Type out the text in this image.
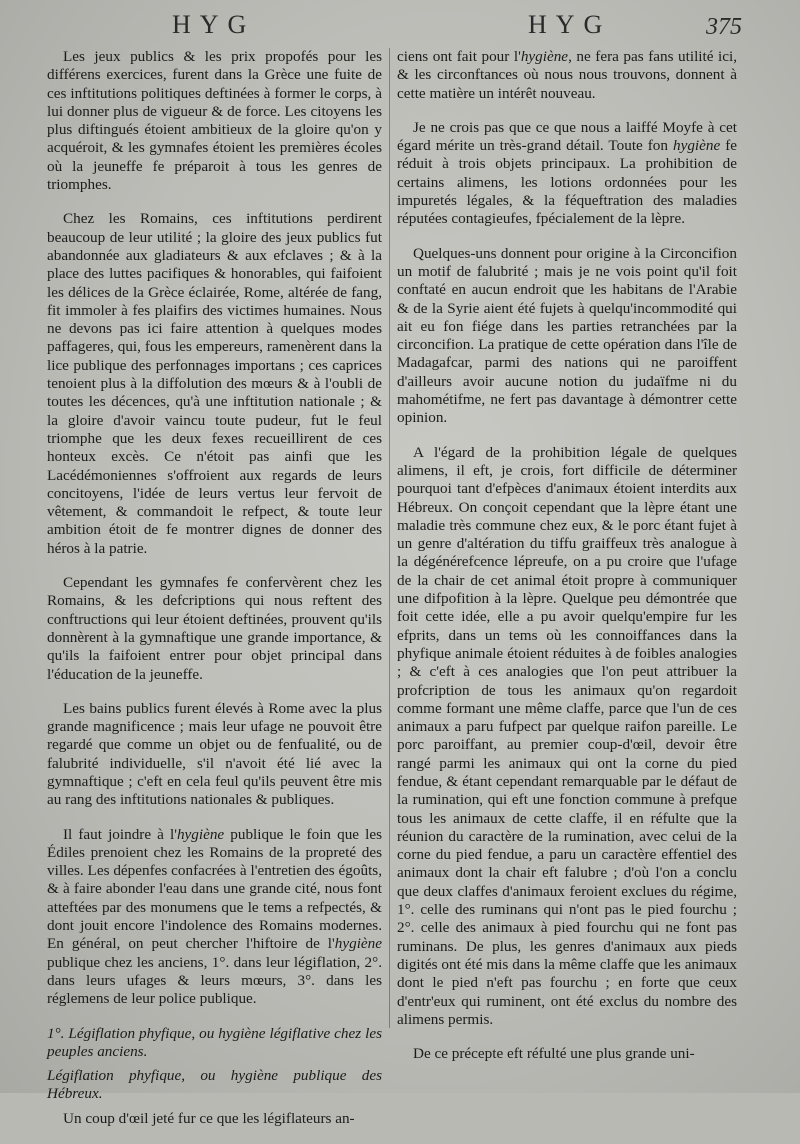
HYG	HYG	375

Les jeux publics & les prix propofés pour les différens exercices, furent dans la Grèce une fuite de ces inftitutions politiques deftinées à former le corps, à lui donner plus de vigueur & de force. Les citoyens les plus diftingués étoient ambitieux de la gloire qu'on y acquéroit, & les gymnafes étoient les premières écoles où la jeuneffe fe préparoit à tous les genres de triomphes.

Chez les Romains, ces inftitutions perdirent beaucoup de leur utilité ; la gloire des jeux publics fut abandonnée aux gladiateurs & aux efclaves ; & à la place des luttes pacifiques & honorables, qui faifoient les délices de la Grèce éclairée, Rome, altérée de fang, fit immoler à fes plaifirs des victimes humaines. Nous ne devons pas ici faire attention à quelques modes paffageres, qui, fous les empereurs, ramenèrent dans la lice publique des perfonnages importans ; ces caprices tenoient plus à la diffolution des mœurs & à l'oubli de toutes les décences, qu'à une inftitution nationale ; & la gloire d'avoir vaincu toute pudeur, fut le feul triomphe que les deux fexes recueillirent de ces honteux excès. Ce n'étoit pas ainfi que les Lacédémoniennes s'offroient aux regards de leurs concitoyens, l'idée de leurs vertus leur fervoit de vêtement, & commandoit le refpect, & toute leur ambition étoit de fe montrer dignes de donner des héros à la patrie.

Cependant les gymnafes fe confervèrent chez les Romains, & les defcriptions qui nous reftent des conftructions qui leur étoient deftinées, prouvent qu'ils donnèrent à la gymnaftique une grande importance, & qu'ils la faifoient entrer pour objet principal dans l'éducation de la jeuneffe.

Les bains publics furent élevés à Rome avec la plus grande magnificence ; mais leur ufage ne pouvoit être regardé que comme un objet ou de fenfualité, ou de falubrité individuelle, s'il n'avoit été lié avec la gymnaftique ; c'eft en cela feul qu'ils peuvent être mis au rang des inftitutions nationales & publiques.

Il faut joindre à l'hygiène publique le foin que les Édiles prenoient chez les Romains de la propreté des villes. Les dépenfes confacrées à l'entretien des égoûts, & à faire abonder l'eau dans une grande cité, nous font atteftées par des monumens que le tems a refpectés, & dont jouit encore l'indolence des Romains modernes. En général, on peut chercher l'hiftoire de l'hygiène publique chez les anciens, 1°. dans leur légiflation, 2°. dans leurs ufages & leurs mœurs, 3°. dans les réglemens de leur police publique.

1°. Légiflation phyfique, ou hygiène légiflative chez les peuples anciens.

Légiflation phyfique, ou hygiène publique des Hébreux.

Un coup d'œil jeté fur ce que les légiflateurs an-

ciens ont fait pour l'hygiène, ne fera pas fans utilité ici, & les circonftances où nous nous trouvons, donnent à cette matière un intérêt nouveau.

Je ne crois pas que ce que nous a laiffé Moyfe à cet égard mérite un très-grand détail. Toute fon hygiène fe réduit à trois objets principaux. La prohibition de certains alimens, les lotions ordonnées pour les impuretés légales, & la féqueftration des maladies réputées contagieufes, fpécialement de la lèpre.

Quelques-uns donnent pour origine à la Circoncifion un motif de falubrité ; mais je ne vois point qu'il foit conftaté en aucun endroit que les habitans de l'Arabie & de la Syrie aient été fujets à quelqu'incommodité qui ait eu fon fiége dans les parties retranchées par la circoncifion. La pratique de cette opération dans l'île de Madagafcar, parmi des nations qui ne paroiffent d'ailleurs avoir aucune notion du judaïfme ni du mahométifme, ne fert pas davantage à démontrer cette opinion.

A l'égard de la prohibition légale de quelques alimens, il eft, je crois, fort difficile de déterminer pourquoi tant d'efpèces d'animaux étoient interdits aux Hébreux. On conçoit cependant que la lèpre étant une maladie très commune chez eux, & le porc étant fujet à un genre d'altération du tiffu graiffeux très analogue à la dégénérefcence lépreufe, on a pu croire que l'ufage de la chair de cet animal étoit propre à communiquer une difpofition à la lèpre. Quelque peu démontrée que foit cette idée, elle a pu avoir quelqu'empire fur les efprits, dans un tems où les connoiffances dans la phyfique animale étoient réduites à de foibles analogies ; & c'eft à ces analogies que l'on peut attribuer la profcription de tous les animaux qu'on regardoit comme formant une même claffe, parce que l'un de ces animaux a paru fufpect par quelque raifon pareille. Le porc paroiffant, au premier coup-d'œil, devoir être rangé parmi les animaux qui ont la corne du pied fendue, & étant cependant remarquable par le défaut de la rumination, qui eft une fonction commune à prefque tous les animaux de cette claffe, il en réfulte que la réunion du caractère de la rumination, avec celui de la corne du pied fendue, a paru un caractère effentiel des animaux dont la chair eft falubre ; d'où l'on a conclu que deux claffes d'animaux feroient exclues du régime, 1°. celle des ruminans qui n'ont pas le pied fourchu ; 2°. celle des animaux à pied fourchu qui ne font pas ruminans. De plus, les genres d'animaux aux pieds digités ont été mis dans la même claffe que les animaux dont le pied n'eft pas fourchu ; en forte que ceux d'entr'eux qui ruminent, ont été exclus du nombre des alimens permis.

De ce précepte eft réfulté une plus grande uni-
